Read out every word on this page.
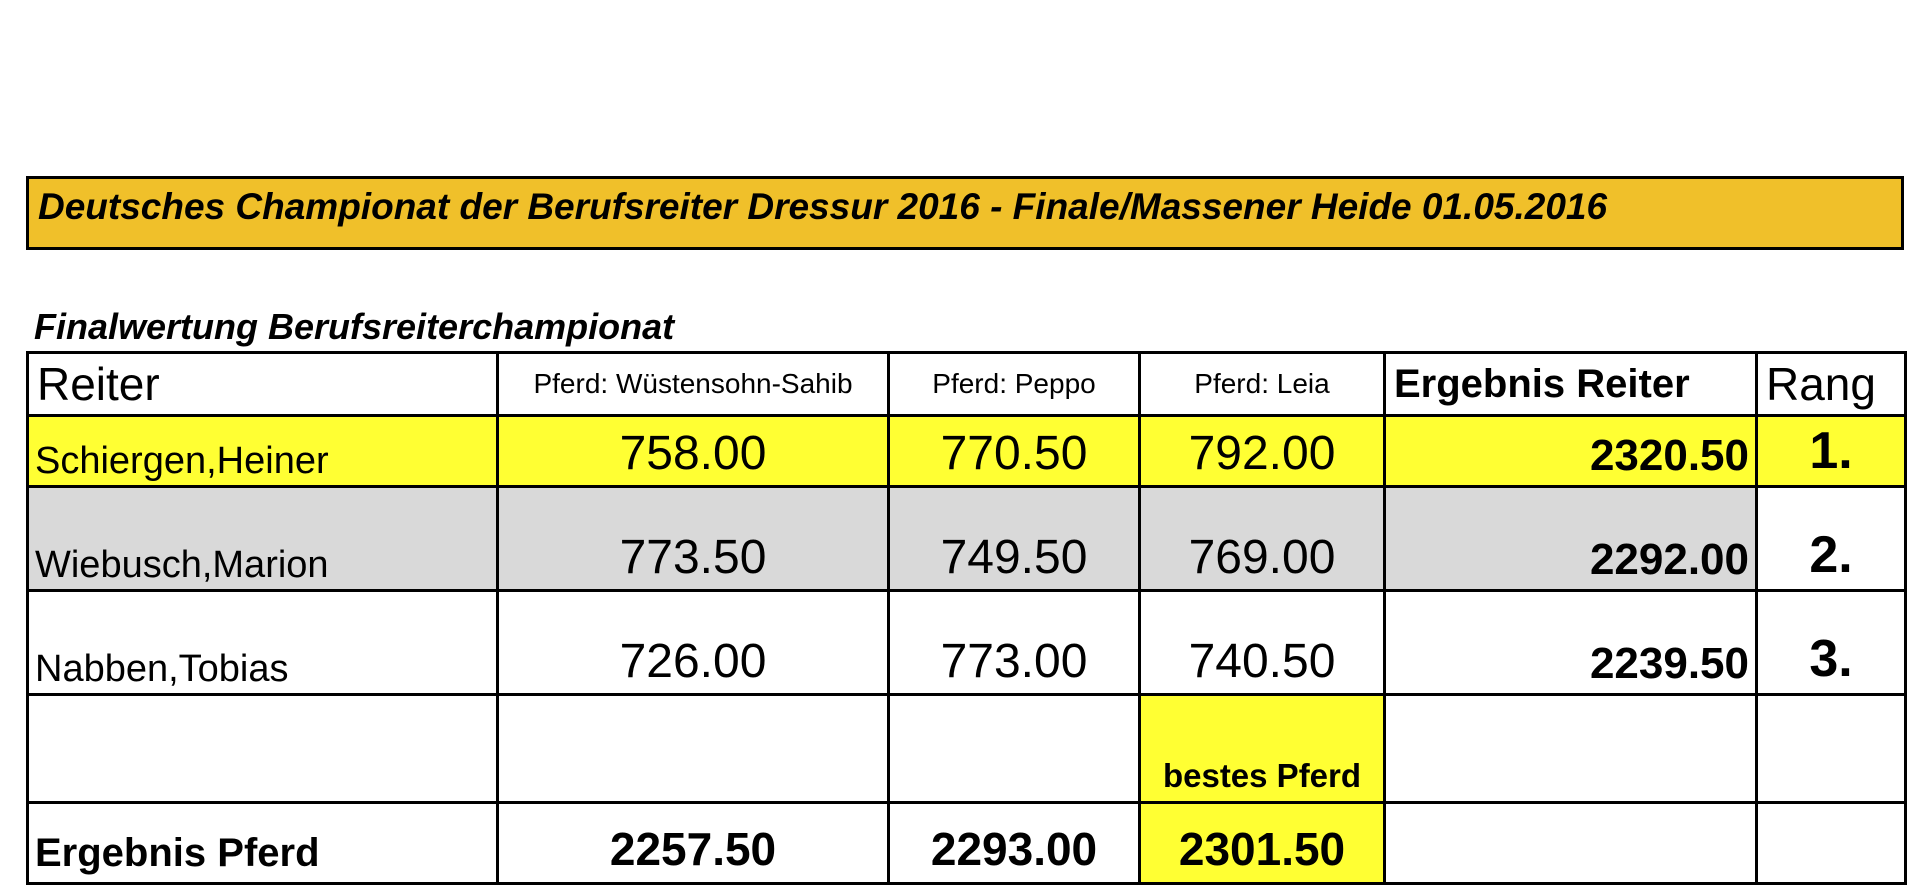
Deutsches Championat der Berufsreiter Dressur 2016 - Finale/Massener Heide 01.05.2016
Finalwertung Berufsreiterchampionat
Reiter	Pferd: Wüstensohn-Sahib	Pferd: Peppo	Pferd: Leia	Ergebnis Reiter	Rang
Schiergen,Heiner	758.00	770.50	792.00	2320.50	1.
Wiebusch,Marion	773.50	749.50	769.00	2292.00	2.
Nabben,Tobias	726.00	773.00	740.50	2239.50	3.
			bestes Pferd		
Ergebnis Pferd	2257.50	2293.00	2301.50		
